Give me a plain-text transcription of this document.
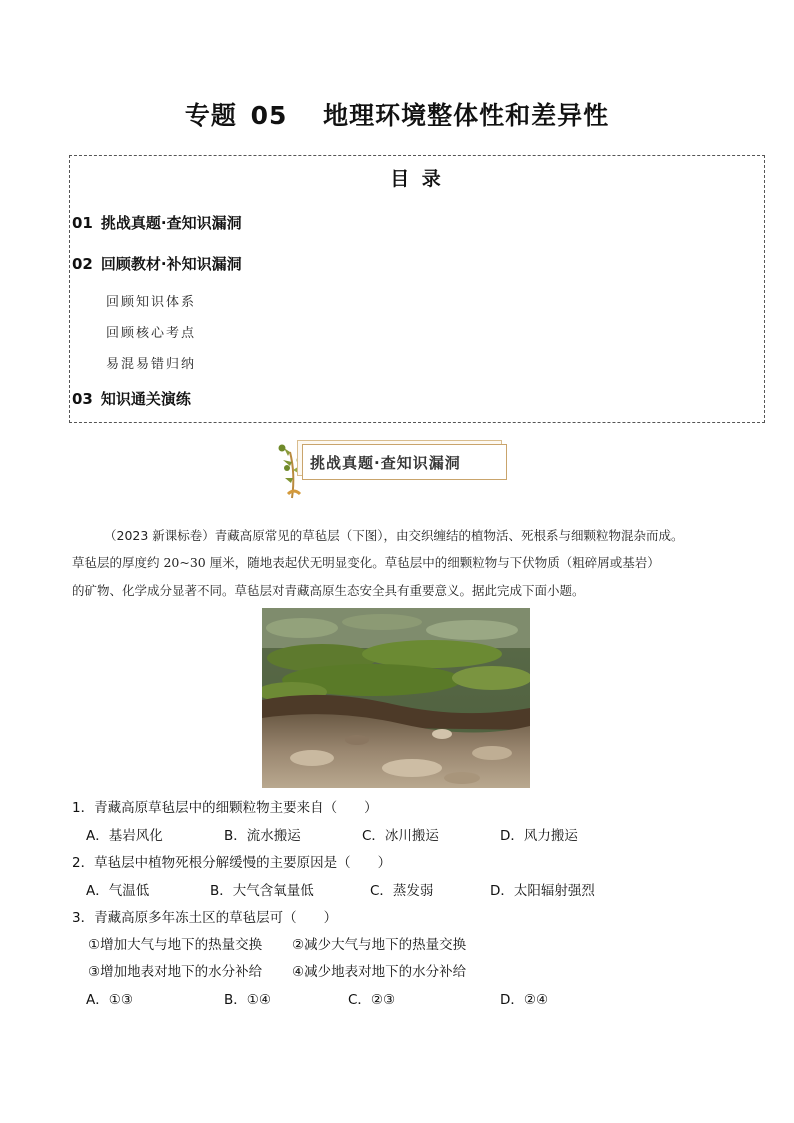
专题 05 地理环境整体性和差异性
目 录
01 挑战真题·查知识漏洞
02 回顾教材·补知识漏洞
回顾知识体系
回顾核心考点
易混易错归纳
03 知识通关演练
挑战真题·查知识漏洞
（2023 新课标卷）青藏高原常见的草毡层（下图），由交织缠结的植物活、死根系与细颗粒物混杂而成。
草毡层的厚度约 20~30 厘米，随地表起伏无明显变化。草毡层中的细颗粒物与下伏物质（粗碎屑或基岩）
的矿物、化学成分显著不同。草毡层对青藏高原生态安全具有重要意义。据此完成下面小题。
1．青藏高原草毡层中的细颗粒物主要来自（　　）
A．基岩风化	B．流水搬运	C．冰川搬运	D．风力搬运
2．草毡层中植物死根分解缓慢的主要原因是（　　）
A．气温低	B．大气含氧量低	C．蒸发弱	D．太阳辐射强烈
3．青藏高原多年冻土区的草毡层可（　　）
①增加大气与地下的热量交换 ②减少大气与地下的热量交换
③增加地表对地下的水分补给 ④减少地表对地下的水分补给
A．①③	B．①④	C．②③	D．②④
